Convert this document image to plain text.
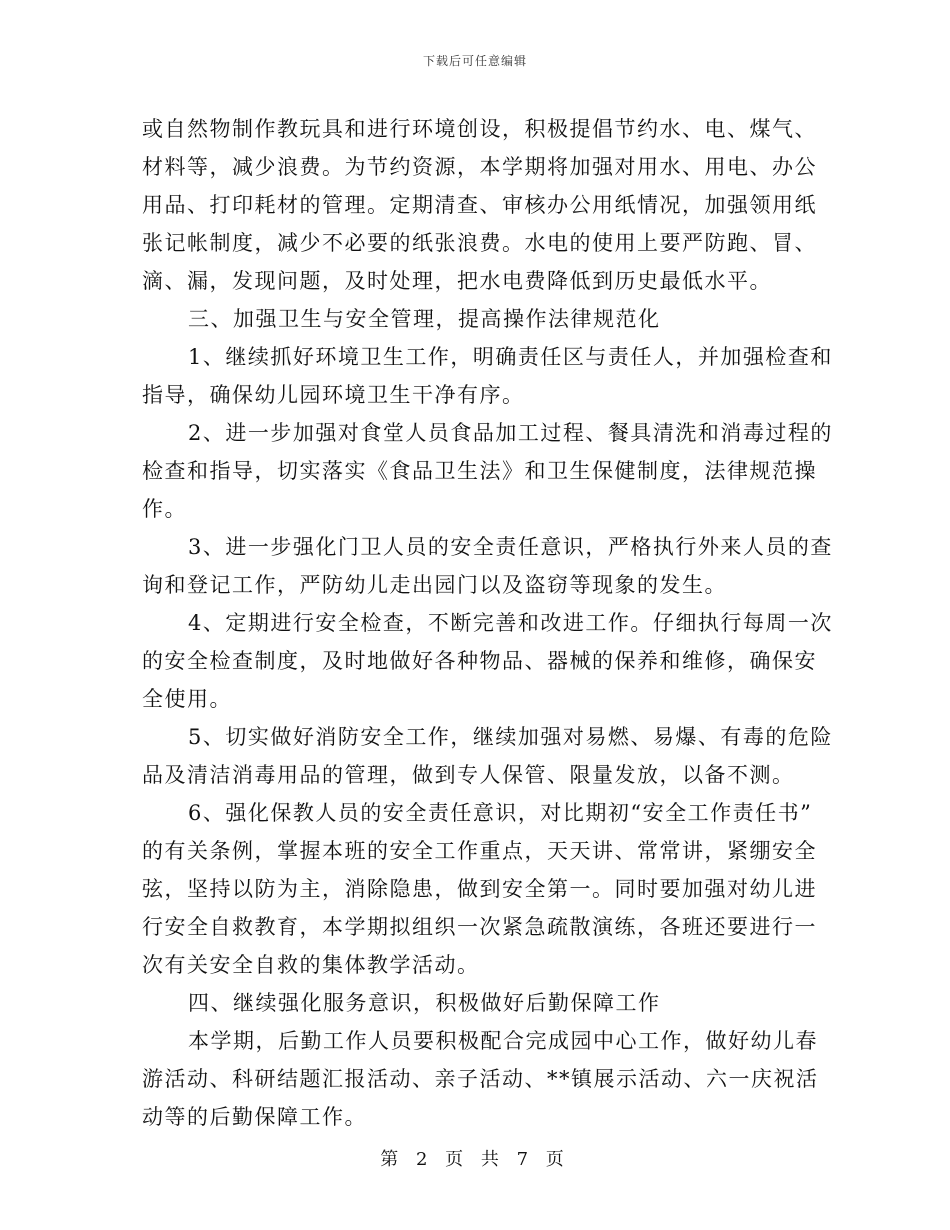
下载后可任意编辑
或自然物制作教玩具和进行环境创设，积极提倡节约水、电、煤气、
材料等，减少浪费。为节约资源，本学期将加强对用水、用电、办公
用品、打印耗材的管理。定期清查、审核办公用纸情况，加强领用纸
张记帐制度，减少不必要的纸张浪费。水电的使用上要严防跑、冒、
滴、漏，发现问题，及时处理，把水电费降低到历史最低水平。
三、加强卫生与安全管理，提高操作法律规范化
1、继续抓好环境卫生工作，明确责任区与责任人，并加强检查和
指导，确保幼儿园环境卫生干净有序。
2、进一步加强对食堂人员食品加工过程、餐具清洗和消毒过程的
检查和指导，切实落实《食品卫生法》和卫生保健制度，法律规范操
作。
3、进一步强化门卫人员的安全责任意识，严格执行外来人员的查
询和登记工作，严防幼儿走出园门以及盗窃等现象的发生。
4、定期进行安全检查，不断完善和改进工作。仔细执行每周一次
的安全检查制度，及时地做好各种物品、器械的保养和维修，确保安
全使用。
5、切实做好消防安全工作，继续加强对易燃、易爆、有毒的危险
品及清洁消毒用品的管理，做到专人保管、限量发放，以备不测。
6、强化保教人员的安全责任意识，对比期初“安全工作责任书”
的有关条例，掌握本班的安全工作重点，天天讲、常常讲，紧绷安全
弦，坚持以防为主，消除隐患，做到安全第一。同时要加强对幼儿进
行安全自救教育，本学期拟组织一次紧急疏散演练，各班还要进行一
次有关安全自救的集体教学活动。
四、继续强化服务意识，积极做好后勤保障工作
本学期，后勤工作人员要积极配合完成园中心工作，做好幼儿春
游活动、科研结题汇报活动、亲子活动、**镇展示活动、六一庆祝活
动等的后勤保障工作。
第 2 页 共 7 页
